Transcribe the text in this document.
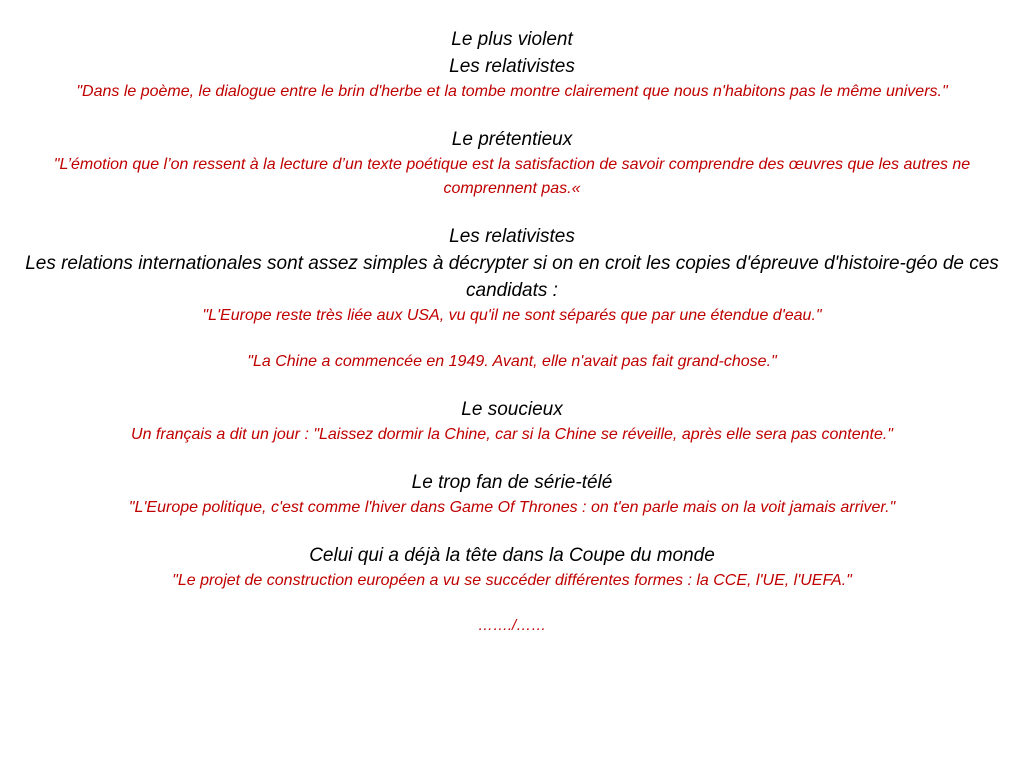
Le plus violent
Les relativistes
"Dans le poème, le dialogue entre le brin d'herbe et la tombe montre clairement que nous n'habitons pas le même univers."
Le prétentieux
"L’émotion que l’on ressent à la lecture d’un texte poétique est la satisfaction de savoir comprendre des œuvres que les autres ne comprennent pas.«
Les relativistes
Les relations internationales sont assez simples à décrypter si on en croit les copies d'épreuve d'histoire-géo de ces candidats :
"L'Europe reste très liée aux USA, vu qu'il ne sont séparés que par une étendue d'eau."
"La Chine a commencée en 1949. Avant, elle n'avait pas fait grand-chose."
Le soucieux
Un français a dit un jour : "Laissez dormir la Chine, car si la Chine se réveille, après elle sera pas contente."
Le trop fan de série-télé
"L'Europe politique, c'est comme l'hiver dans Game Of Thrones : on t'en parle mais on la voit jamais arriver."
Celui qui a déjà la tête dans la Coupe du monde
"Le projet de construction européen a vu se succéder différentes formes : la CCE, l'UE, l'UEFA."
……./……
